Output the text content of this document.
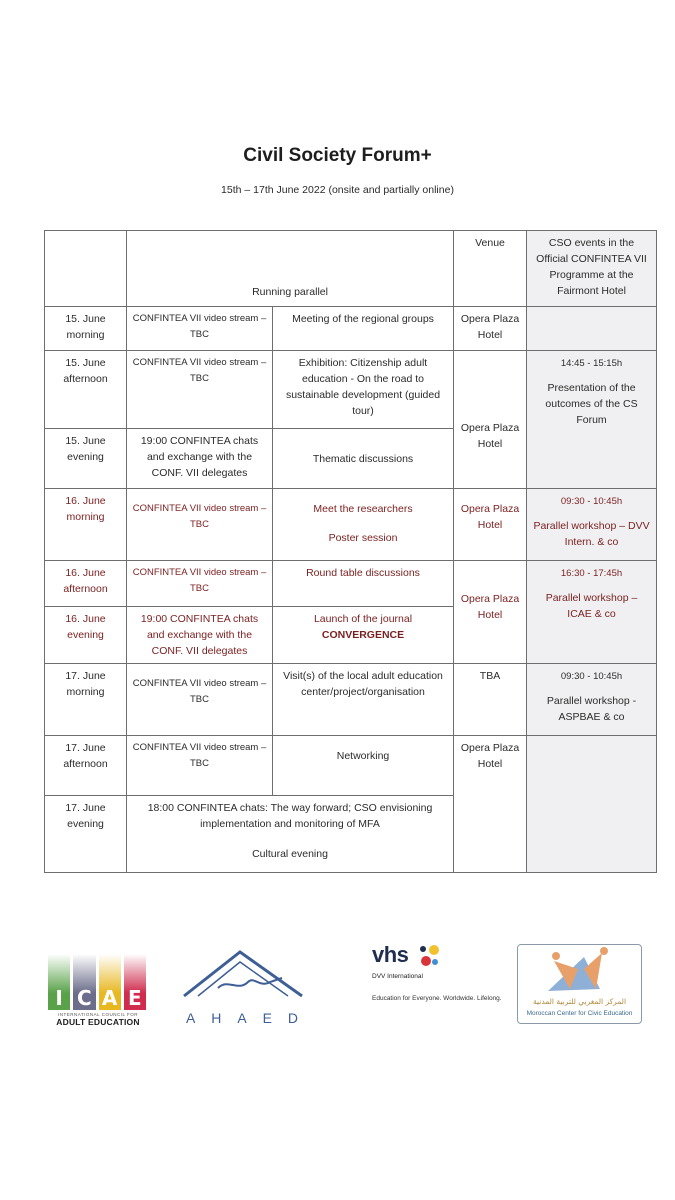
Civil Society Forum+
15th – 17th June 2022 (onsite and partially online)
	Running parallel		Venue	CSO events in the Official CONFINTEA VII Programme at the Fairmont Hotel
15. June
morning	CONFINTEA VII video stream – TBC	Meeting of the regional groups	Opera Plaza Hotel	
15. June
afternoon	CONFINTEA VII video stream – TBC	Exhibition: Citizenship adult education - On the road to sustainable development (guided tour)	Opera Plaza Hotel	14:45 - 15:15h
Presentation of the outcomes of the CS Forum
15. June
evening	19:00 CONFINTEA chats and exchange with the CONF. VII delegates	Thematic discussions		
16. June
morning	CONFINTEA VII video stream – TBC	Meet the researchers
Poster session	Opera Plaza Hotel	09:30 - 10:45h
Parallel workshop – DVV Intern. & co
16. June
afternoon	CONFINTEA VII video stream – TBC	Round table discussions	Opera Plaza Hotel	16:30 - 17:45h
Parallel workshop – ICAE & co
16. June
evening	19:00 CONFINTEA chats and exchange with the CONF. VII delegates	Launch of the journal
CONVERGENCE		
17. June
morning	CONFINTEA VII video stream – TBC	Visit(s) of the local adult education center/project/organisation	TBA	09:30 - 10:45h
Parallel workshop - ASPBAE & co
17. June
afternoon	CONFINTEA VII video stream – TBC	Networking	Opera Plaza Hotel	
17. June
evening	18:00 CONFINTEA chats: The way forward; CSO envisioning implementation and monitoring of MFA
Cultural evening			
I C A E
INTERNATIONAL COUNCIL FOR
ADULT EDUCATION	A H A E D
vhs
DVV International
Education for Everyone. Worldwide. Lifelong.	المركز المغربي للتربية المدنية
Moroccan Center for Civic Education
